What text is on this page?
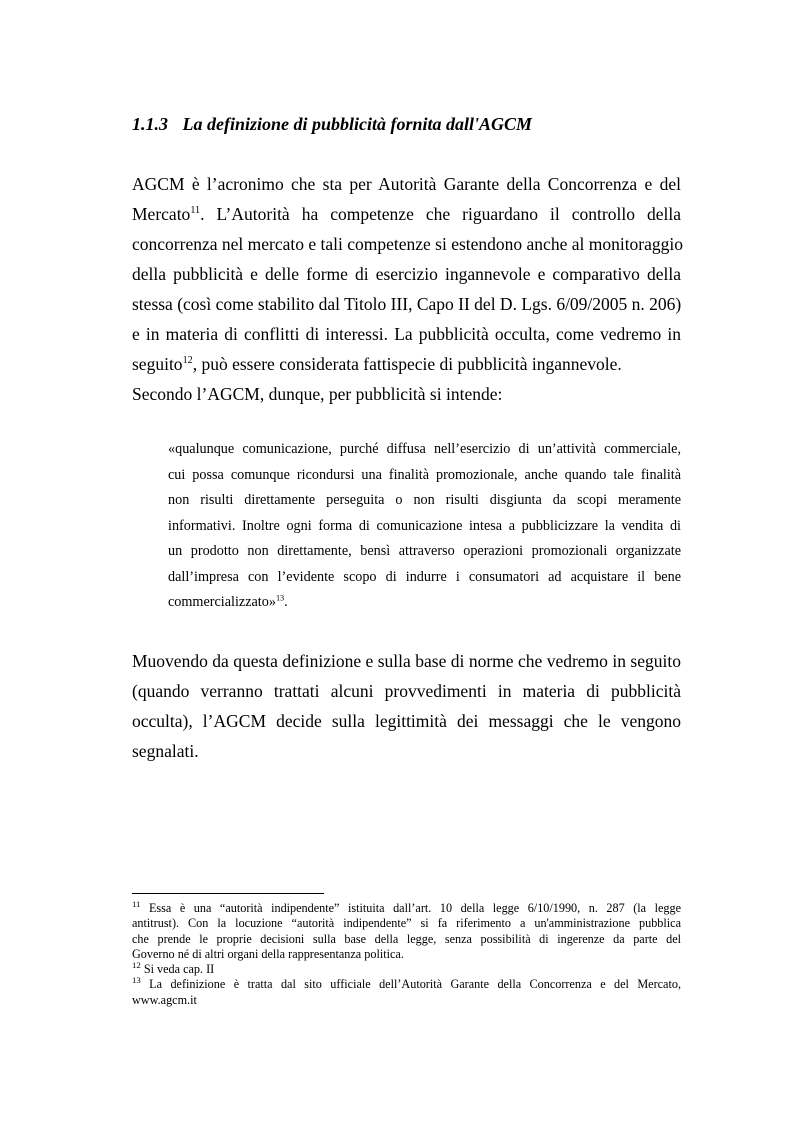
1.1.3 La definizione di pubblicità fornita dall'AGCM
AGCM è l’acronimo che sta per Autorità Garante della Concorrenza e del
Mercato$^{11}$. L’Autorità ha competenze che riguardano il controllo della
concorrenza nel mercato e tali competenze si estendono anche al monitoraggio
della pubblicità e delle forme di esercizio ingannevole e comparativo della
stessa (così come stabilito dal Titolo III, Capo II del D. Lgs. 6/09/2005 n. 206)
e in materia di conflitti di interessi. La pubblicità occulta, come vedremo in
seguito$^{12}$, può essere considerata fattispecie di pubblicità ingannevole.
Secondo l’AGCM, dunque, per pubblicità si intende:
«qualunque comunicazione, purché diffusa nell’esercizio di un’attività commerciale,
cui possa comunque ricondursi una finalità promozionale, anche quando tale finalità
non risulti direttamente perseguita o non risulti disgiunta da scopi meramente
informativi. Inoltre ogni forma di comunicazione intesa a pubblicizzare la vendita di
un prodotto non direttamente, bensì attraverso operazioni promozionali organizzate
dall’impresa con l’evidente scopo di indurre i consumatori ad acquistare il bene
commercializzato»$^{13}$.
Muovendo da questa definizione e sulla base di norme che vedremo in seguito
(quando verranno trattati alcuni provvedimenti in materia di pubblicità
occulta), l’AGCM decide sulla legittimità dei messaggi che le vengono
segnalati.
$^{11}$ Essa è una “autorità indipendente” istituita dall’art. 10 della legge 6/10/1990, n. 287 (la legge
antitrust). Con la locuzione “autorità indipendente” si fa riferimento a un'amministrazione pubblica
che prende le proprie decisioni sulla base della legge, senza possibilità di ingerenze da parte del
Governo né di altri organi della rappresentanza politica.
$^{12}$ Si veda cap. II
$^{13}$ La definizione è tratta dal sito ufficiale dell’Autorità Garante della Concorrenza e del Mercato,
www.agcm.it
